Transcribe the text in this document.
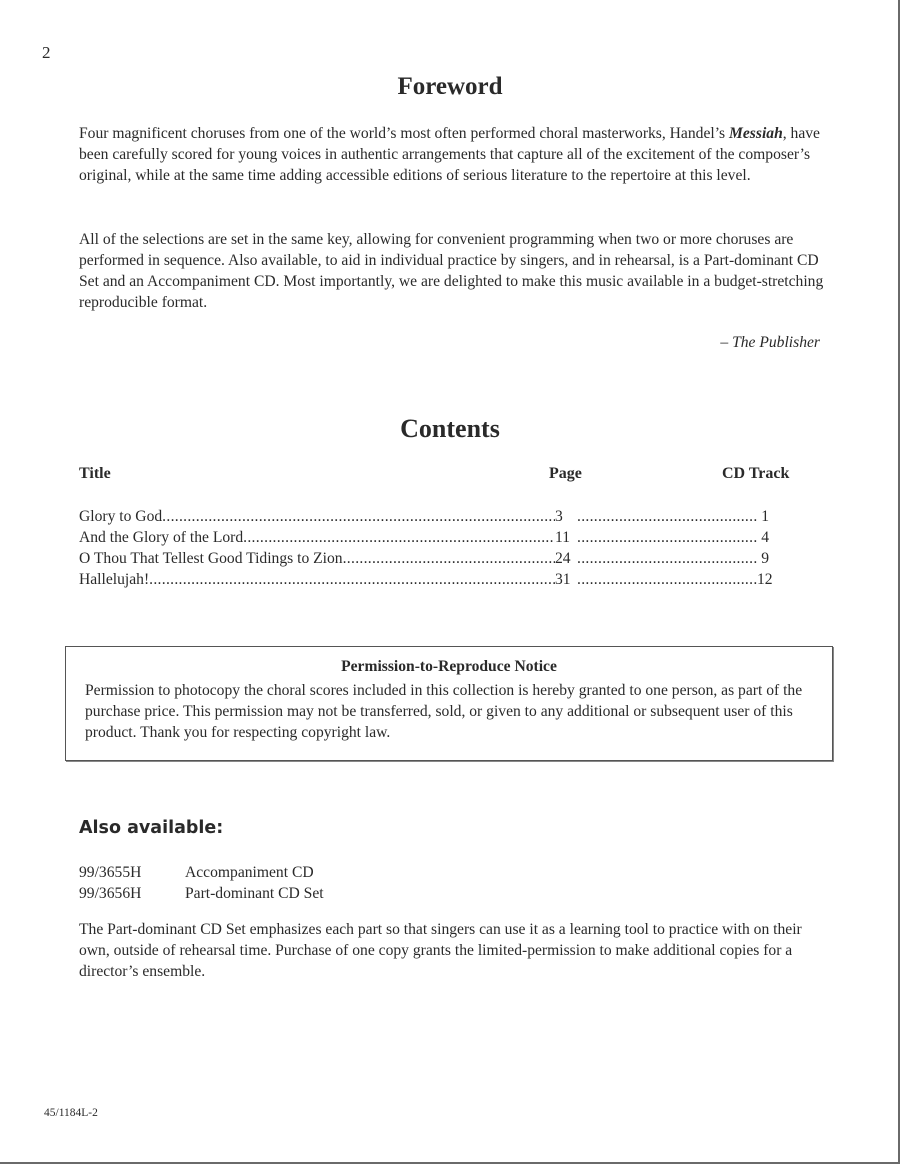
2
Foreword

Four magnificent choruses from one of the world’s most often performed choral masterworks, Handel’s Messiah, have been carefully scored for young voices in authentic arrangements that capture all of the excitement of the composer’s original, while at the same time adding accessible editions of serious literature to the repertoire at this level.

All of the selections are set in the same key, allowing for convenient programming when two or more choruses are performed in sequence. Also available, to aid in individual practice by singers, and in rehearsal, is a Part-dominant CD Set and an Accompaniment CD. Most importantly, we are delighted to make this music available in a budget-stretching reproducible format.

– The Publisher
Contents
Title	Page	CD Track
Glory to God .....	3 .....	1
And the Glory of the Lord .....	11 .....	4
O Thou That Tellest Good Tidings to Zion .....	24 .....	9
Hallelujah! .....	31 .....	12
Permission-to-Reproduce Notice
Permission to photocopy the choral scores included in this collection is hereby granted to one person, as part of the purchase price. This permission may not be transferred, sold, or given to any additional or subsequent user of this product. Thank you for respecting copyright law.
Also available:
99/3655H	Accompaniment CD
99/3656H	Part-dominant CD Set

The Part-dominant CD Set emphasizes each part so that singers can use it as a learning tool to practice with on their own, outside of rehearsal time. Purchase of one copy grants the limited-permission to make additional copies for a director’s ensemble.

45/1184L-2
